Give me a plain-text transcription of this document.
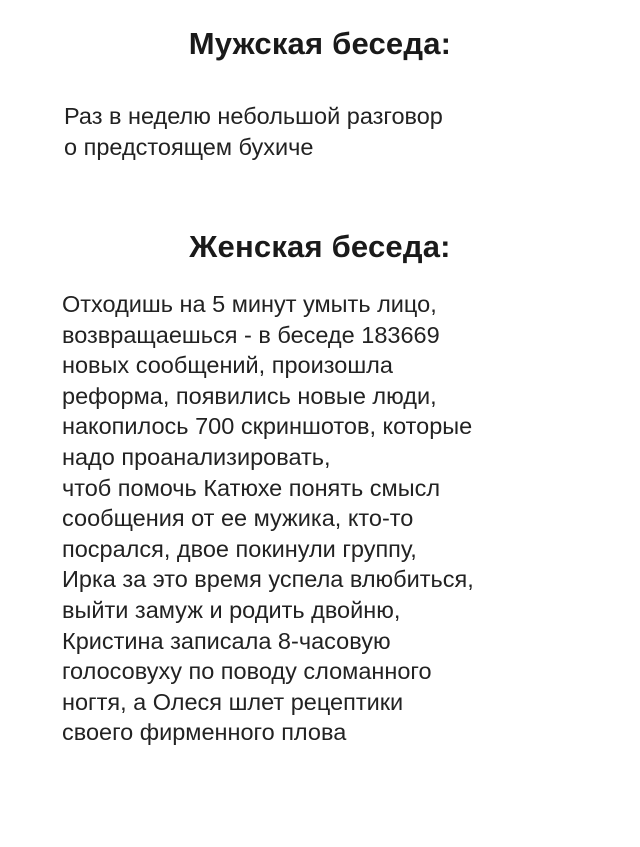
Мужская беседа:
Раз в неделю небольшой разговор
о предстоящем бухиче
Женская беседа:
Отходишь на 5 минут умыть лицо,
возвращаешься - в беседе 183669
новых сообщений, произошла
реформа, появились новые люди,
накопилось 700 скриншотов, которые
надо проанализировать,
чтоб помочь Катюхе понять смысл
сообщения от ее мужика, кто-то
посрался, двое покинули группу,
Ирка за это время успела влюбиться,
выйти замуж и родить двойню,
Кристина записала 8-часовую
голосовуху по поводу сломанного
ногтя, а Олеся шлет рецептики
своего фирменного плова
